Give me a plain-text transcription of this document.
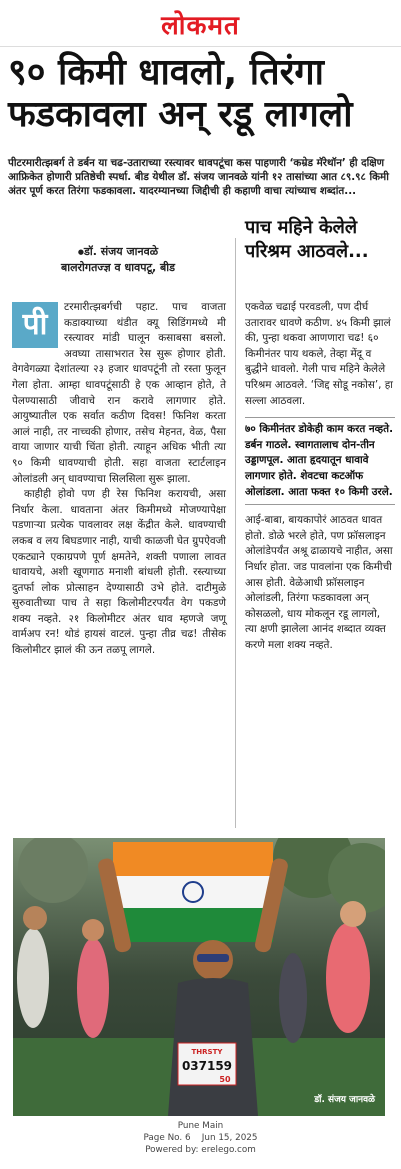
लोकमत
९० किमी धावलो, तिरंगा
फडकावला अन् रडू लागलो
पीटरमारीत्झबर्ग ते डर्बन या चढ-उताराच्या रस्त्यावर धावपटूंचा कस पाहणारी ‘कम्रेड मॅरेथॉन’ ही दक्षिण आफ्रिकेत होणारी प्रतिष्ठेची स्पर्धा. बीड येथील डॉ. संजय जानवळे यांनी १२ तासांच्या आत ८९.९८ किमी अंतर पूर्ण करत तिरंगा फडकावला. यादरम्यानच्या जिद्दीची ही कहाणी वाचा त्यांच्याच शब्दांत...
● डॉ. संजय जानवळे
बालरोगतज्ज्ञ व धावपटू, बीड
पी	टरमारीत्झबर्गची पहाट. पाच वाजता कडाक्याच्या थंडीत क्यू सिडिंगमध्ये मी रस्त्यावर मांडी घालून कसाबसा बसलो. अवघ्या तासाभरात रेस सुरू होणार होती. वेगवेगळ्या देशांतल्या २३ हजार धावपटूंनी तो रस्ता फुलून गेला होता. आम्हा धावपटूंसाठी हे एक आव्हान होते, ते पेलण्यासाठी जीवाचे रान करावे लागणार होते. आयुष्यातील एक सर्वात कठीण दिवस! फिनिश करता आलं नाही, तर नाच्चकी होणार, तसेच मेहनत, वेळ, पैसा वाया जाणार याची चिंता होती. त्याहून अधिक भीती त्या ९० किमी धावण्याची होती. सहा वाजता स्टार्टलाइन ओलांडली अन् धावण्याचा सिलसिला सुरू झाला.

काहीही होवो पण ही रेस फिनिश करायची, असा निर्धार केला. धावताना अंतर किमीमध्ये मोजण्यापेक्षा पडणाऱ्या प्रत्येक पावलावर लक्ष केंद्रीत केले. धावण्याची लकब व लय बिघडणार नाही, याची काळजी घेत ग्रुपऐवजी एकट्याने एकाग्रपणे पूर्ण क्षमतेने, शक्ती पणाला लावत धावायचे, अशी खूणगाठ मनाशी बांधली होती. रस्त्याच्या दुतर्फा लोक प्रोत्साहन देण्यासाठी उभे होते. दाटीमुळे सुरुवातीच्या पाच ते सहा किलोमीटरपर्यंत वेग पकडणे शक्य नव्हते. २१ किलोमीटर अंतर धाव म्हणजे जणू वार्मअप रन! थोडं हायसं वाटलं. पुन्हा तीव्र चढ! तीसेक किलोमीटर झालं की ऊन तळपू लागले.

पाच महिने केलेले परिश्रम आठवले...

एकवेळ चढाई परवडली, पण दीर्घ उतारावर धावणे कठीण. ४५ किमी झालं की, पुन्हा थकवा आणणारा चढ! ६० किमीनंतर पाय थकले, तेव्हा मेंदू व बुद्धीने धावलो. गेली पाच महिने केलेले परिश्रम आठवले. ‘जिद्द सोडू नकोस’, हा सल्ला आठवला.

७० किमीनंतर डोकेही काम करत नव्हते. डर्बन गाठले. स्वागतालाच दोन-तीन उड्डाणपूल. आता हृदयातून धावावे लागणार होते. शेवटचा कटऑफ ओलांडला. आता फक्त १० किमी उरले.

आई-बाबा, बायकापोरं आठवत धावत होतो. डोळे भरले होते, पण फ्रॉसलाइन ओलांडेपर्यंत अश्रू ढाळायचे नाहीत, असा निर्धार होता. जड पावलांना एक किमीची आस होती. वेळेआधी फ्रॉसलाइन ओलांडली, तिरंगा फडकावला अन् कोसळलो, धाय मोकलून रडू लागलो, त्या क्षणी झालेला आनंद शब्दात व्यक्त करणे मला शक्य नव्हते.

THRSTY
037159
50
डॉ. संजय जानवळे
Pune Main
Page No. 6 Jun 15, 2025
Powered by: erelego.com
